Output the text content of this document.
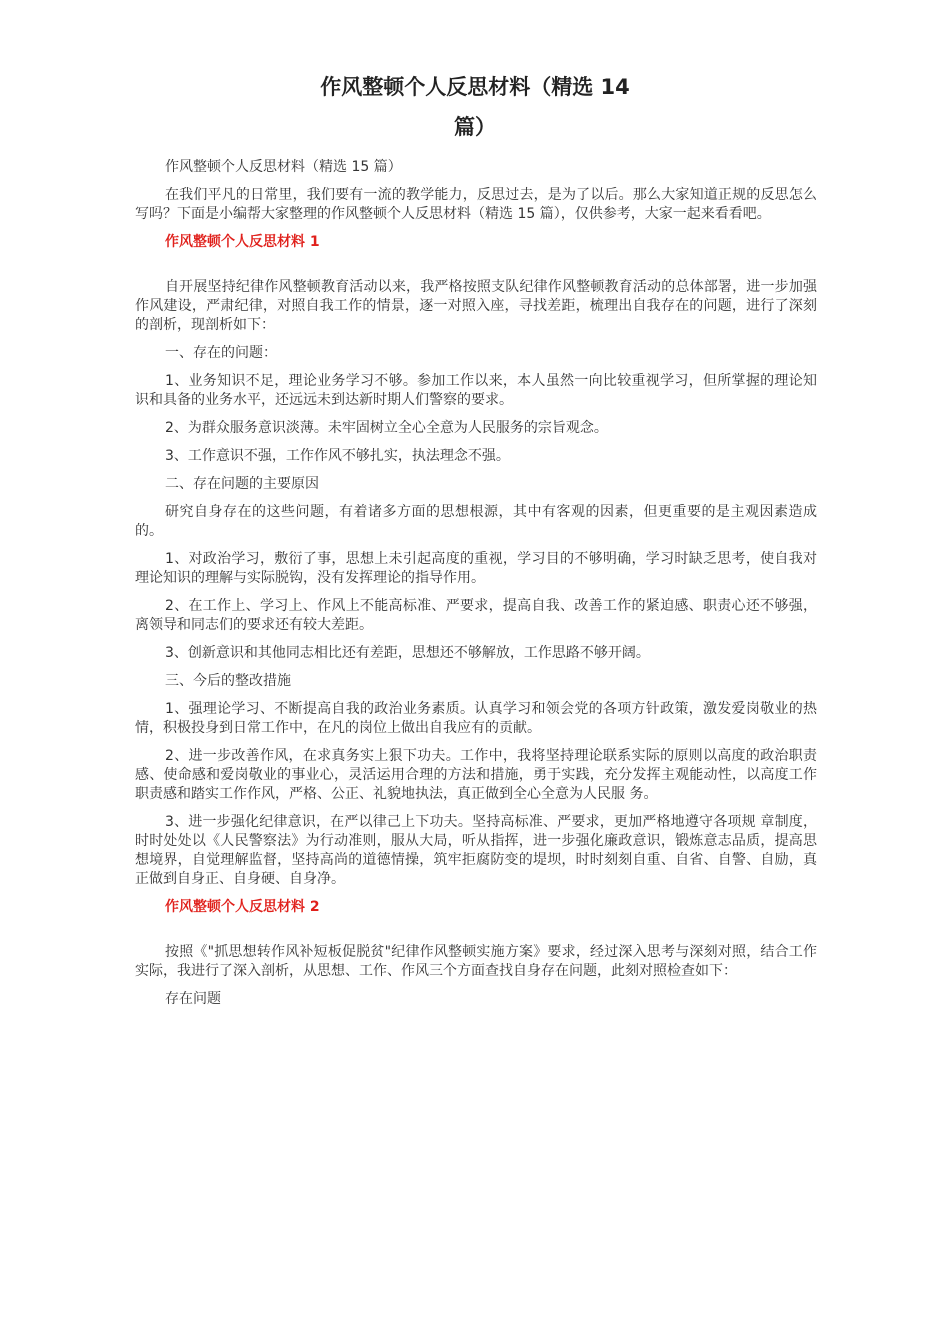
作风整顿个人反思材料（精选 14
篇）

作风整顿个人反思材料（精选 15 篇）

在我们平凡的日常里，我们要有一流的教学能力，反思过去，是为了以后。那么大家知道正规的反思怎么写吗？下面是小编帮大家整理的作风整顿个人反思材料（精选 15 篇），仅供参考，大家一起来看看吧。

作风整顿个人反思材料 1

自开展坚持纪律作风整顿教育活动以来，我严格按照支队纪律作风整顿教育活动的总体部署，进一步加强作风建设，严肃纪律，对照自我工作的情景，逐一对照入座，寻找差距，梳理出自我存在的问题，进行了深刻的剖析，现剖析如下：

一、存在的问题：

1、业务知识不足，理论业务学习不够。参加工作以来，本人虽然一向比较重视学习，但所掌握的理论知识和具备的业务水平，还远远未到达新时期人们警察的要求。

2、为群众服务意识淡薄。未牢固树立全心全意为人民服务的宗旨观念。

3、工作意识不强，工作作风不够扎实，执法理念不强。

二、存在问题的主要原因

研究自身存在的这些问题，有着诸多方面的思想根源，其中有客观的因素，但更重要的是主观因素造成的。

1、对政治学习，敷衍了事，思想上未引起高度的重视，学习目的不够明确，学习时缺乏思考，使自我对理论知识的理解与实际脱钩，没有发挥理论的指导作用。

2、在工作上、学习上、作风上不能高标准、严要求，提高自我、改善工作的紧迫感、职责心还不够强，离领导和同志们的要求还有较大差距。

3、创新意识和其他同志相比还有差距，思想还不够解放，工作思路不够开阔。

三、今后的整改措施

1、强理论学习、不断提高自我的政治业务素质。认真学习和领会党的各项方针政策，激发爱岗敬业的热情，积极投身到日常工作中，在凡的岗位上做出自我应有的贡献。

2、进一步改善作风，在求真务实上狠下功夫。工作中，我将坚持理论联系实际的原则以高度的政治职责感、使命感和爱岗敬业的事业心，灵活运用合理的方法和措施，勇于实践，充分发挥主观能动性，以高度工作职责感和踏实工作作风，严格、公正、礼貌地执法，真正做到全心全意为人民服 务。

3、进一步强化纪律意识，在严以律己上下功夫。坚持高标准、严要求，更加严格地遵守各项规 章制度，时时处处以《人民警察法》为行动准则，服从大局，听从指挥，进一步强化廉政意识，锻炼意志品质，提高思想境界，自觉理解监督，坚持高尚的道德情操，筑牢拒腐防变的堤坝，时时刻刻自重、自省、自警、自励，真正做到自身正、自身硬、自身净。

作风整顿个人反思材料 2

按照《"抓思想转作风补短板促脱贫"纪律作风整顿实施方案》要求，经过深入思考与深刻对照，结合工作实际，我进行了深入剖析，从思想、工作、作风三个方面查找自身存在问题，此刻对照检查如下：

存在问题
